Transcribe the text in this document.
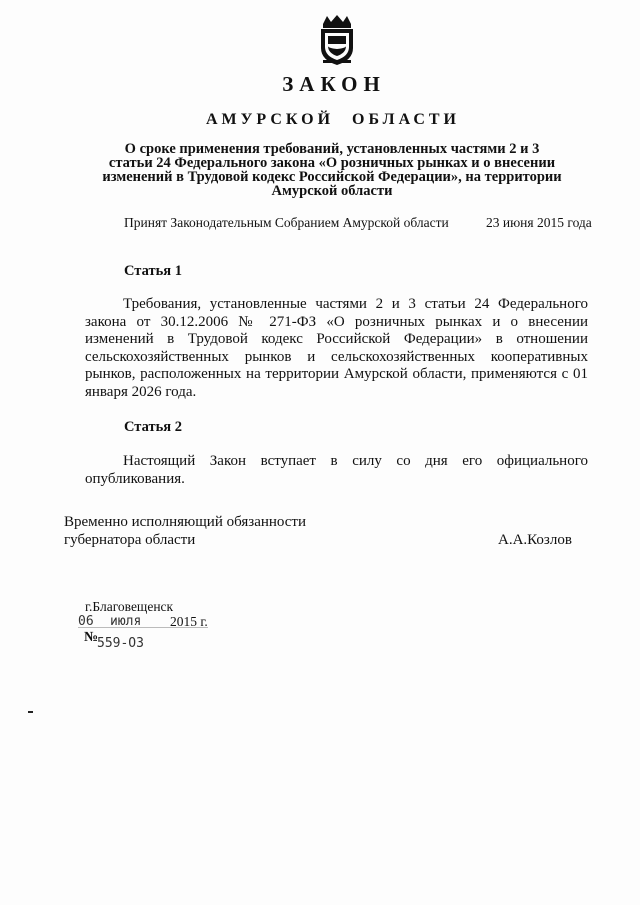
ЗАКОН
АМУРСКОЙ ОБЛАСТИ
О сроке применения требований, установленных частями 2 и 3
статьи 24 Федерального закона «О розничных рынках и о внесении
изменений в Трудовой кодекс Российской Федерации», на территории
Амурской области
Принят Законодательным Собранием Амурской области	23 июня 2015 года
Статья 1

Требования, установленные частями 2 и 3 статьи 24 Федерального закона от 30.12.2006 № 271-ФЗ «О розничных рынках и о внесении изменений в Трудовой кодекс Российской Федерации» в отношении сельскохозяйственных рынков и сельскохозяйственных кооперативных рынков, расположенных на территории Амурской области, применяются с 01 января 2026 года.

Статья 2

Настоящий Закон вступает в силу со дня его официального опубликования.

Временно исполняющий обязанности
губернатора области	А.А.Козлов
г.Благовещенск
06 июля 2015 г.
№
559-ОЗ
